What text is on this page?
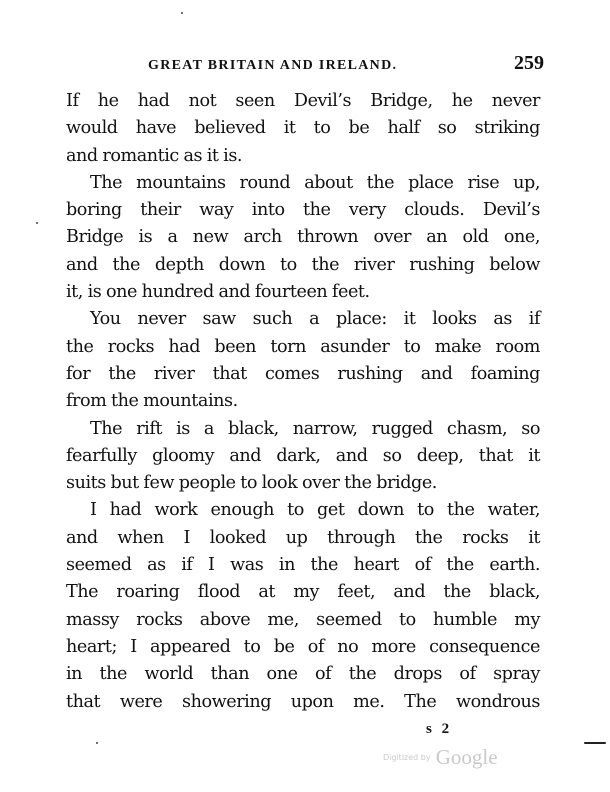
GREAT BRITAIN AND IRELAND.	259
If he had not seen Devil’s Bridge, he never
would have believed it to be half so striking
and romantic as it is.
The mountains round about the place rise up,
boring their way into the very clouds. Devil’s
Bridge is a new arch thrown over an old one,
and the depth down to the river rushing below
it, is one hundred and fourteen feet.
You never saw such a place: it looks as if
the rocks had been torn asunder to make room
for the river that comes rushing and foaming
from the mountains.
The rift is a black, narrow, rugged chasm, so
fearfully gloomy and dark, and so deep, that it
suits but few people to look over the bridge.
I had work enough to get down to the water,
and when I looked up through the rocks it
seemed as if I was in the heart of the earth.
The roaring flood at my feet, and the black,
massy rocks above me, seemed to humble my
heart; I appeared to be of no more consequence
in the world than one of the drops of spray
that were showering upon me. The wondrous
s 2
$^{Digitized by}$ Google
